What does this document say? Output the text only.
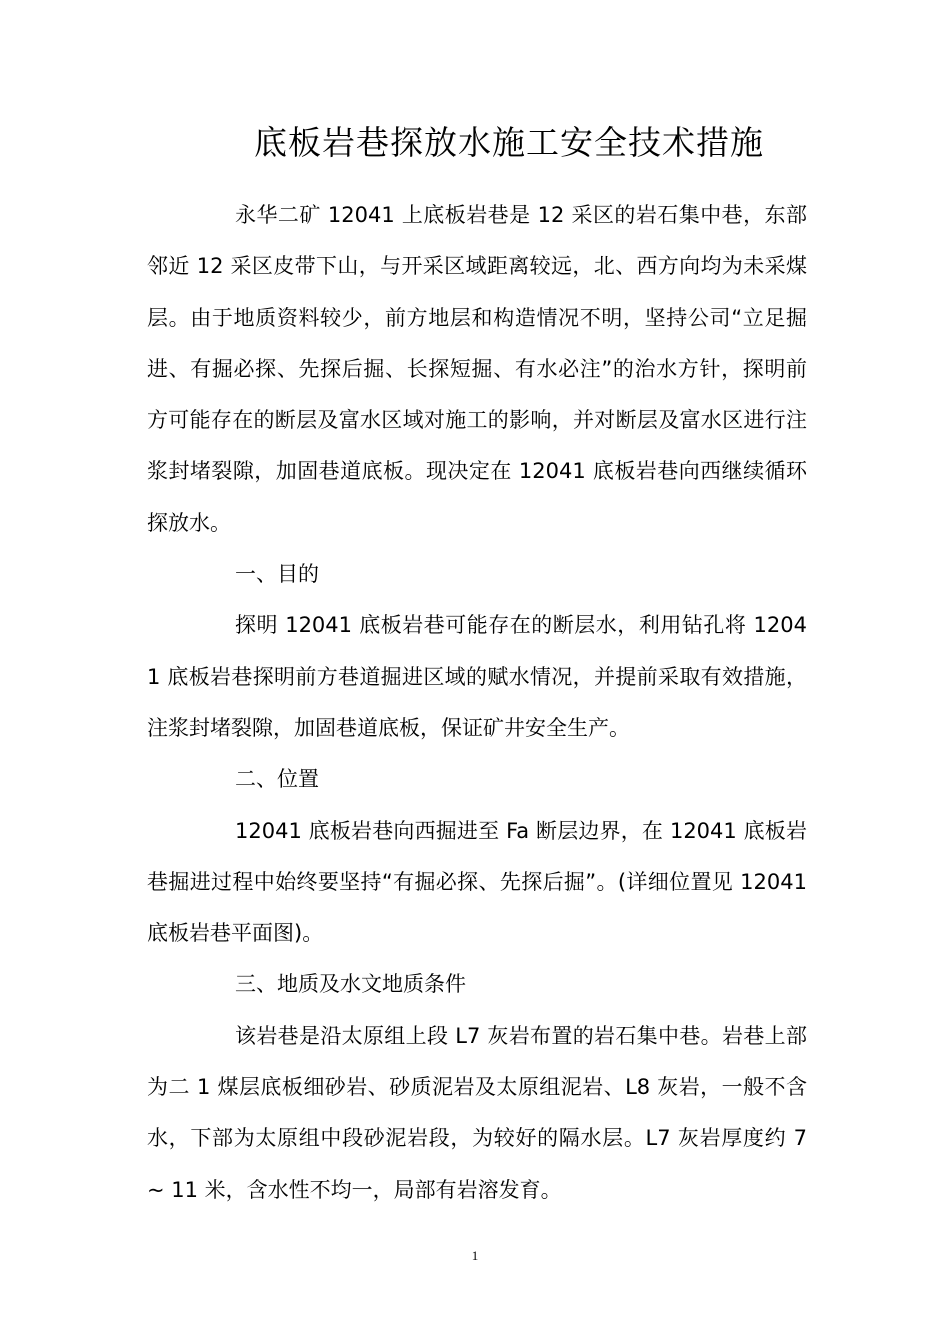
底板岩巷探放水施工安全技术措施

永华二矿 12041 上底板岩巷是 12 采区的岩石集中巷，东部邻近 12 采区皮带下山，与开采区域距离较远，北、西方向均为未采煤层。由于地质资料较少，前方地层和构造情况不明，坚持公司“立足掘进、有掘必探、先探后掘、长探短掘、有水必注”的治水方针，探明前方可能存在的断层及富水区域对施工的影响，并对断层及富水区进行注浆封堵裂隙，加固巷道底板。现决定在 12041 底板岩巷向西继续循环探放水。

一、目的

探明 12041 底板岩巷可能存在的断层水，利用钻孔将 12041 底板岩巷探明前方巷道掘进区域的赋水情况，并提前采取有效措施，注浆封堵裂隙，加固巷道底板，保证矿井安全生产。

二、位置

12041 底板岩巷向西掘进至 Fa 断层边界，在 12041 底板岩巷掘进过程中始终要坚持“有掘必探、先探后掘”。(详细位置见 12041 底板岩巷平面图)。

三、地质及水文地质条件

该岩巷是沿太原组上段 L7 灰岩布置的岩石集中巷。岩巷上部为二 1 煤层底板细砂岩、砂质泥岩及太原组泥岩、L8 灰岩，一般不含水，下部为太原组中段砂泥岩段，为较好的隔水层。L7 灰岩厚度约 7 ~ 11 米，含水性不均一，局部有岩溶发育。

1
